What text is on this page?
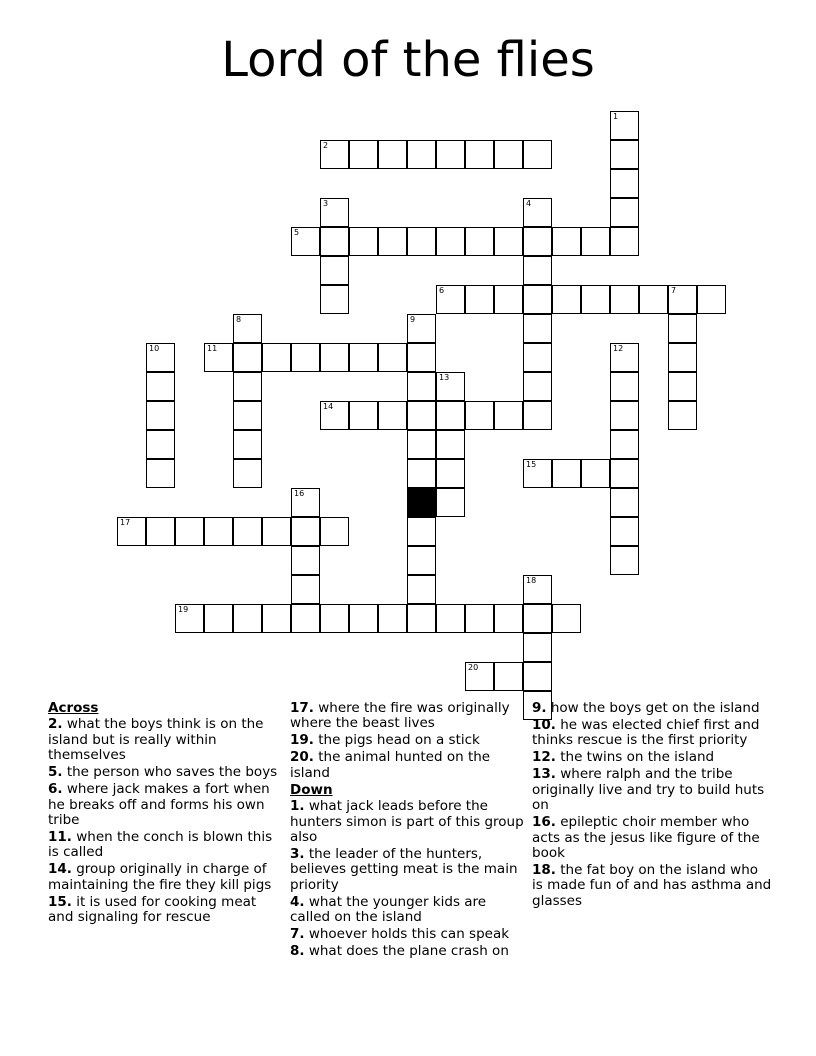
Lord of the flies
1
2
3	4
5
6	7
8	9
10	11	12
13
14
15
16
17
18
19
20
Across

2. what the boys think is on the island but is really within themselves

5. the person who saves the boys

6. where jack makes a fort when he breaks off and forms his own tribe

11. when the conch is blown this is called

14. group originally in charge of maintaining the fire they kill pigs

15. it is used for cooking meat and signaling for rescue

17. where the fire was originally where the beast lives

19. the pigs head on a stick

20. the animal hunted on the island

Down

1. what jack leads before the hunters simon is part of this group also

3. the leader of the hunters, believes getting meat is the main priority

4. what the younger kids are called on the island

7. whoever holds this can speak

8. what does the plane crash on

9. how the boys get on the island

10. he was elected chief first and thinks rescue is the first priority

12. the twins on the island

13. where ralph and the tribe originally live and try to build huts on

16. epileptic choir member who acts as the jesus like figure of the book

18. the fat boy on the island who is made fun of and has asthma and glasses
